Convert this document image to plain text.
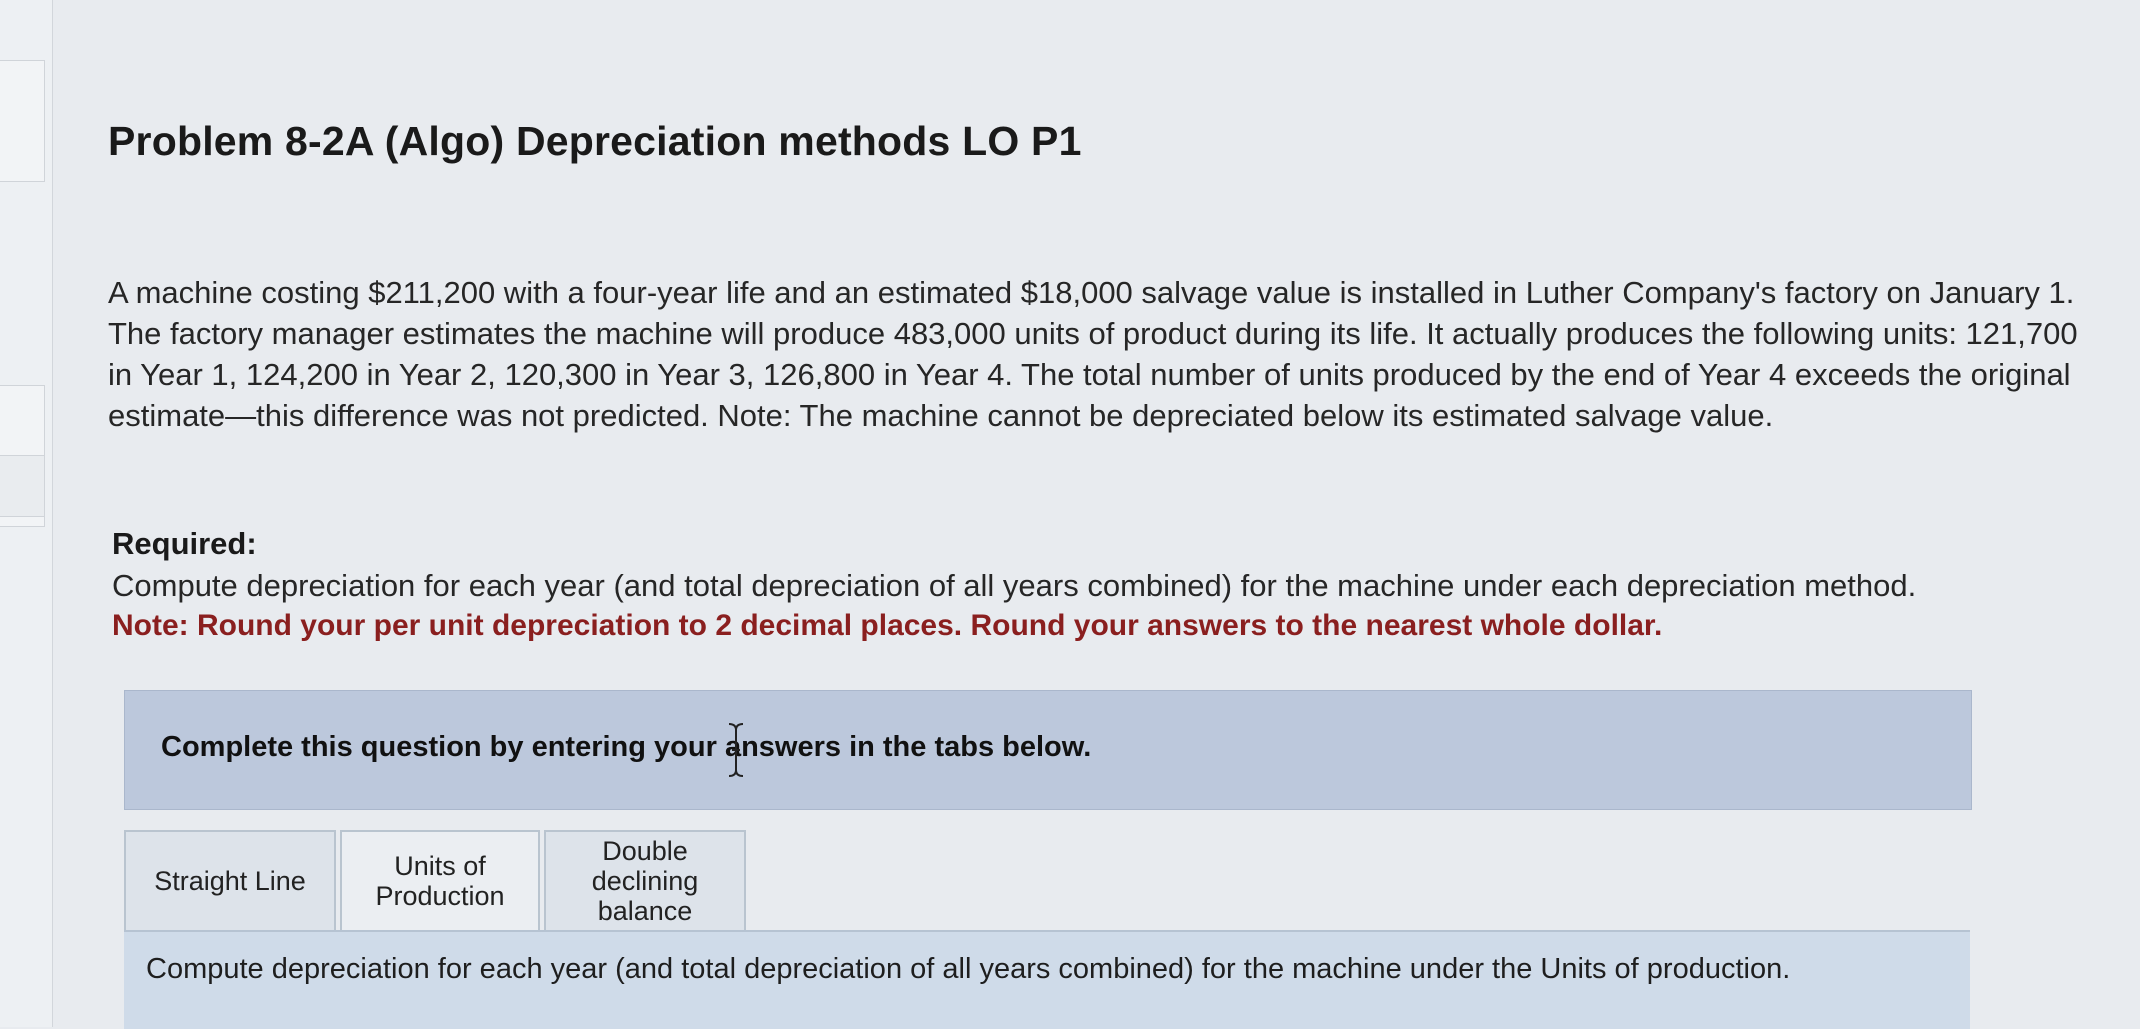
Problem 8-2A (Algo) Depreciation methods LO P1

A machine costing $211,200 with a four-year life and an estimated $18,000 salvage value is installed in Luther Company's factory on January 1. The factory manager estimates the machine will produce 483,000 units of product during its life. It actually produces the following units: 121,700 in Year 1, 124,200 in Year 2, 120,300 in Year 3, 126,800 in Year 4. The total number of units produced by the end of Year 4 exceeds the original estimate—this difference was not predicted. Note: The machine cannot be depreciated below its estimated salvage value.

Required:

Compute depreciation for each year (and total depreciation of all years combined) for the machine under each depreciation method.

Note: Round your per unit depreciation to 2 decimal places. Round your answers to the nearest whole dollar.

Complete this question by entering your answers in the tabs below.
Straight Line	Units of
Production
Double
declining
balance
Compute depreciation for each year (and total depreciation of all years combined) for the machine under the Units of production.
